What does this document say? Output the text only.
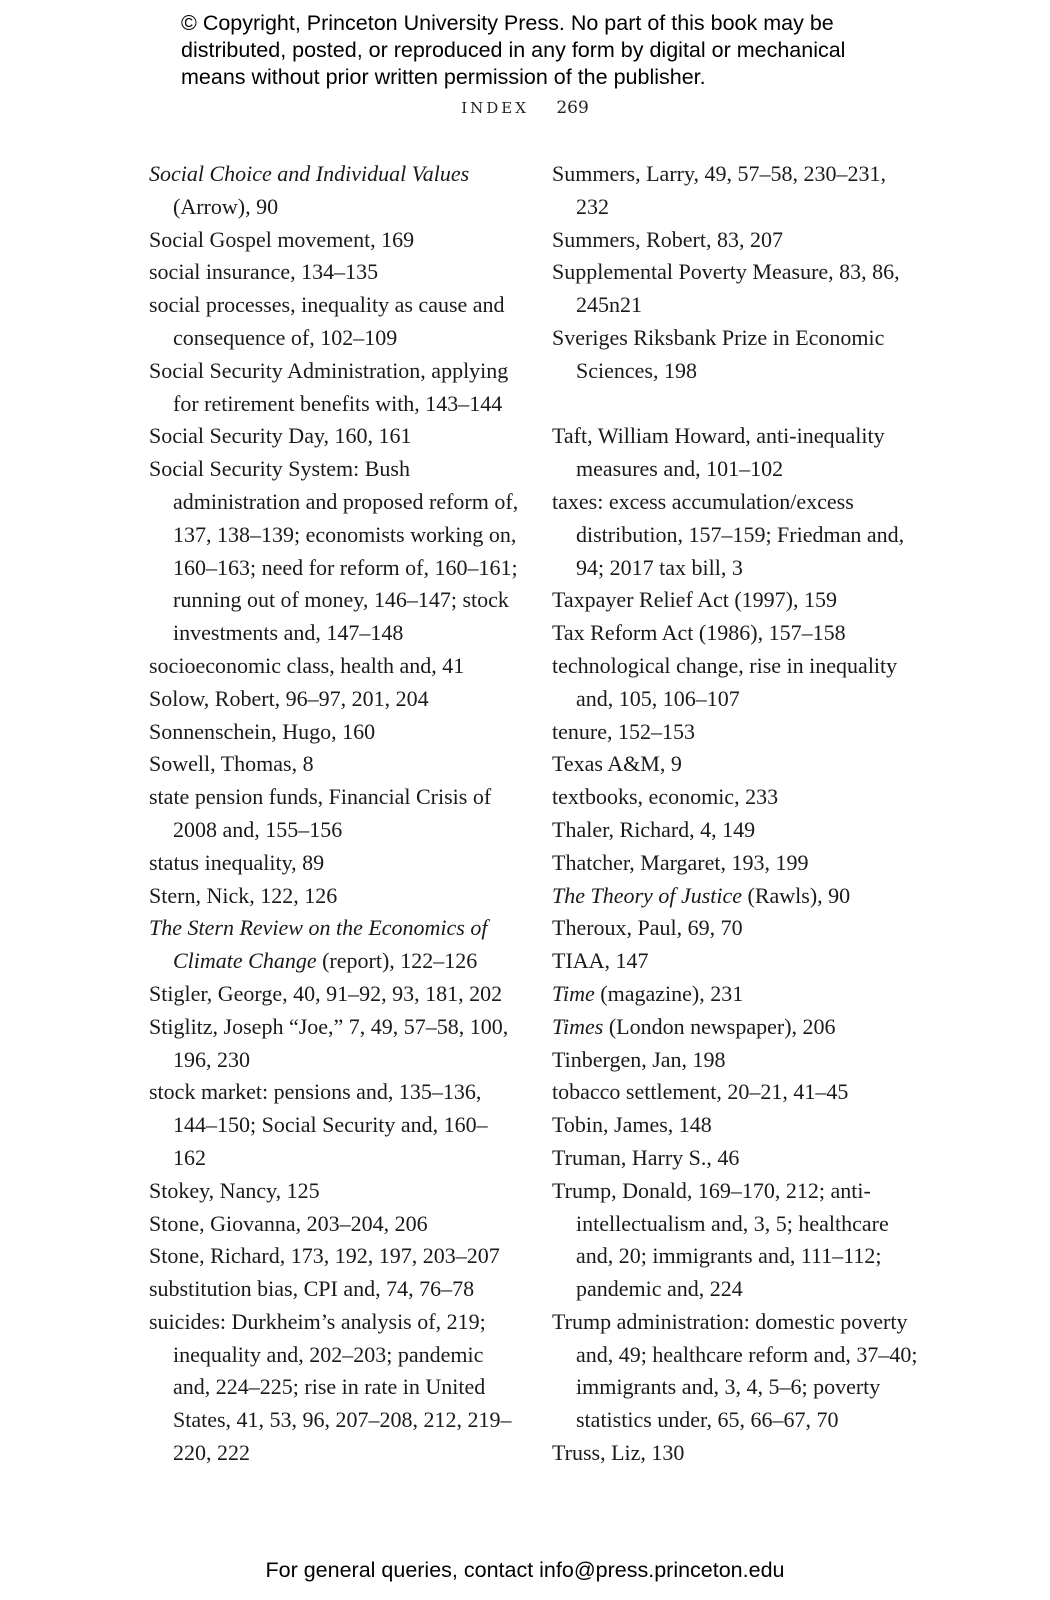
© Copyright, Princeton University Press. No part of this book may be distributed, posted, or reproduced in any form by digital or mechanical means without prior written permission of the publisher.
INDEX 269

Social Choice and Individual Values (Arrow), 90

Social Gospel movement, 169

social insurance, 134–135

social processes, inequality as cause and consequence of, 102–109

Social Security Administration, applying for retirement benefits with, 143–144

Social Security Day, 160, 161

Social Security System: Bush administration and proposed reform of, 137, 138–139; economists working on, 160–163; need for reform of, 160–161; running out of money, 146–147; stock investments and, 147–148

socioeconomic class, health and, 41

Solow, Robert, 96–97, 201, 204

Sonnenschein, Hugo, 160

Sowell, Thomas, 8

state pension funds, Financial Crisis of 2008 and, 155–156

status inequality, 89

Stern, Nick, 122, 126

The Stern Review on the Economics of Climate Change (report), 122–126

Stigler, George, 40, 91–92, 93, 181, 202

Stiglitz, Joseph “Joe,” 7, 49, 57–58, 100, 196, 230

stock market: pensions and, 135–136, 144–150; Social Security and, 160–162

Stokey, Nancy, 125

Stone, Giovanna, 203–204, 206

Stone, Richard, 173, 192, 197, 203–207

substitution bias, CPI and, 74, 76–78

suicides: Durkheim’s analysis of, 219; inequality and, 202–203; pandemic and, 224–225; rise in rate in United States, 41, 53, 96, 207–208, 212, 219–220, 222

Summers, Larry, 49, 57–58, 230–231, 232

Summers, Robert, 83, 207

Supplemental Poverty Measure, 83, 86, 245n21

Sveriges Riksbank Prize in Economic Sciences, 198

Taft, William Howard, anti-inequality measures and, 101–102

taxes: excess accumulation/excess distribution, 157–159; Friedman and, 94; 2017 tax bill, 3

Taxpayer Relief Act (1997), 159

Tax Reform Act (1986), 157–158

technological change, rise in inequality and, 105, 106–107

tenure, 152–153

Texas A&M, 9

textbooks, economic, 233

Thaler, Richard, 4, 149

Thatcher, Margaret, 193, 199

The Theory of Justice (Rawls), 90

Theroux, Paul, 69, 70

TIAA, 147

Time (magazine), 231

Times (London newspaper), 206

Tinbergen, Jan, 198

tobacco settlement, 20–21, 41–45

Tobin, James, 148

Truman, Harry S., 46

Trump, Donald, 169–170, 212; anti-intellectualism and, 3, 5; healthcare and, 20; immigrants and, 111–112; pandemic and, 224

Trump administration: domestic poverty and, 49; healthcare reform and, 37–40; immigrants and, 3, 4, 5–6; poverty statistics under, 65, 66–67, 70

Truss, Liz, 130

For general queries, contact info@press.princeton.edu
